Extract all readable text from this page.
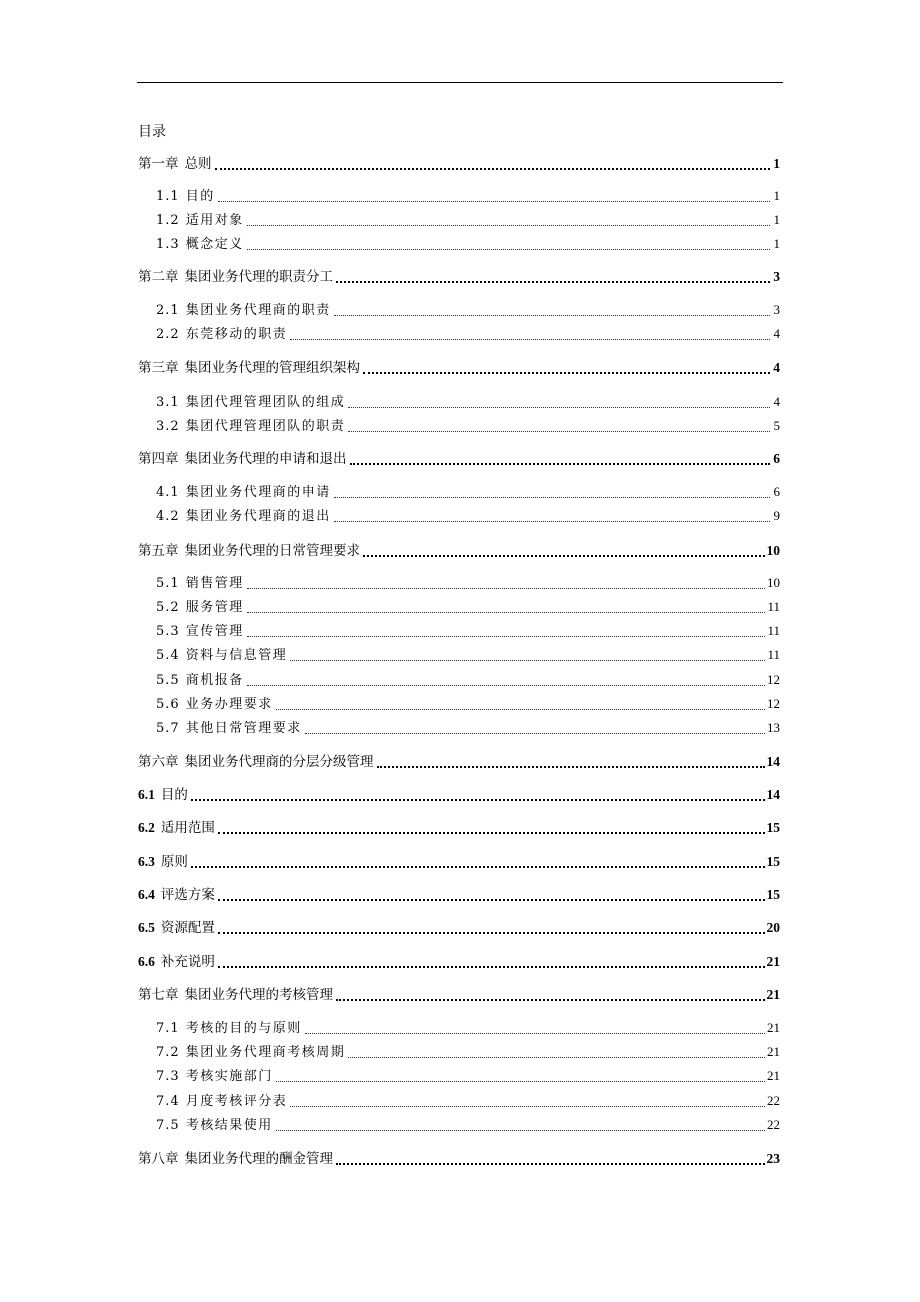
目录
第一章 总则	1
1.1 目的	1
1.2 适用对象	1
1.3 概念定义	1
第二章 集团业务代理的职责分工	3
2.1 集团业务代理商的职责	3
2.2 东莞移动的职责	4
第三章 集团业务代理的管理组织架构	4
3.1 集团代理管理团队的组成	4
3.2 集团代理管理团队的职责	5
第四章 集团业务代理的申请和退出	6
4.1 集团业务代理商的申请	6
4.2 集团业务代理商的退出	9
第五章 集团业务代理的日常管理要求	10
5.1 销售管理	10
5.2 服务管理	11
5.3 宣传管理	11
5.4 资料与信息管理	11
5.5 商机报备	12
5.6 业务办理要求	12
5.7 其他日常管理要求	13
第六章 集团业务代理商的分层分级管理	14
6.1 目的	14
6.2 适用范围	15
6.3 原则	15
6.4 评选方案	15
6.5 资源配置	20
6.6 补充说明	21
第七章 集团业务代理的考核管理	21
7.1 考核的目的与原则	21
7.2 集团业务代理商考核周期	21
7.3 考核实施部门	21
7.4 月度考核评分表	22
7.5 考核结果使用	22
第八章 集团业务代理的酬金管理	23
